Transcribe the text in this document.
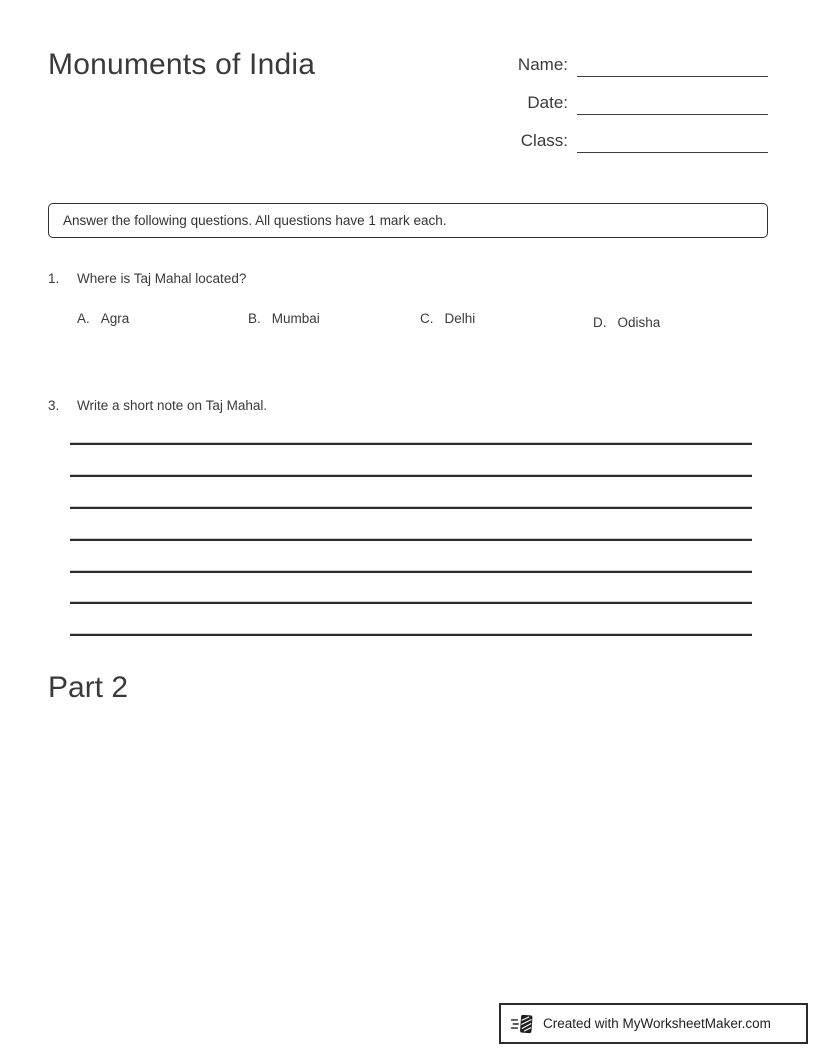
Monuments of India	Name:
Date:
Class:
Answer the following questions. All questions have 1 mark each.
1. Where is Taj Mahal located?
A. Agra	B. Mumbai	C. Delhi	D. Odisha
3. Write a short note on Taj Mahal.
Part 2
Created with MyWorksheetMaker.com
